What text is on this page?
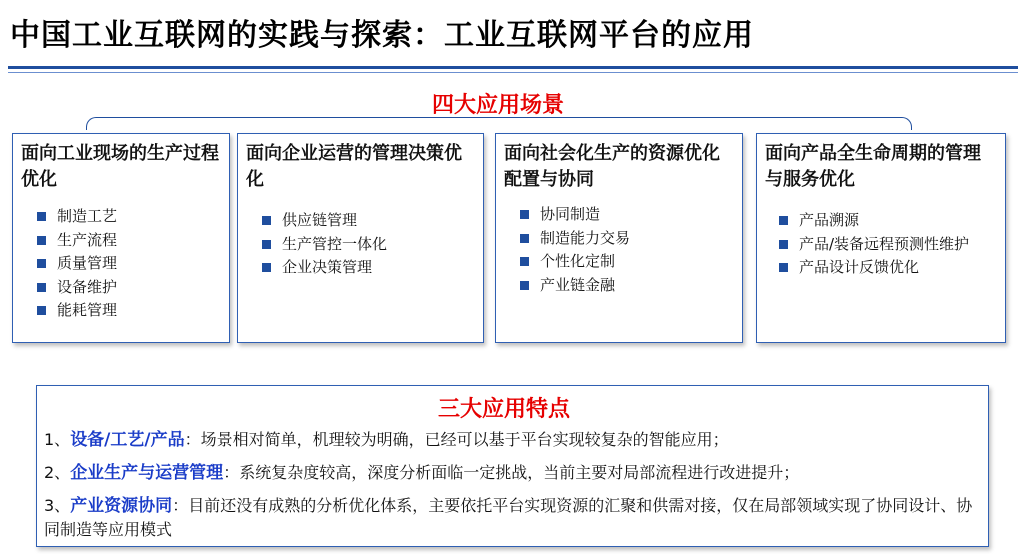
中国工业互联网的实践与探索：工业互联网平台的应用
四大应用场景
面向工业现场的生产过程优化
制造工艺
生产流程
质量管理
设备维护
能耗管理
面向企业运营的管理决策优化
供应链管理
生产管控一体化
企业决策管理
面向社会化生产的资源优化配置与协同
协同制造
制造能力交易
个性化定制
产业链金融
面向产品全生命周期的管理与服务优化
产品溯源
产品/装备远程预测性维护
产品设计反馈优化
三大应用特点
1、设备/工艺/产品：场景相对简单，机理较为明确，已经可以基于平台实现较复杂的智能应用；
2、企业生产与运营管理：系统复杂度较高，深度分析面临一定挑战，当前主要对局部流程进行改进提升；
3、产业资源协同：目前还没有成熟的分析优化体系，主要依托平台实现资源的汇聚和供需对接，仅在局部领域实现了协同设计、协同制造等应用模式
